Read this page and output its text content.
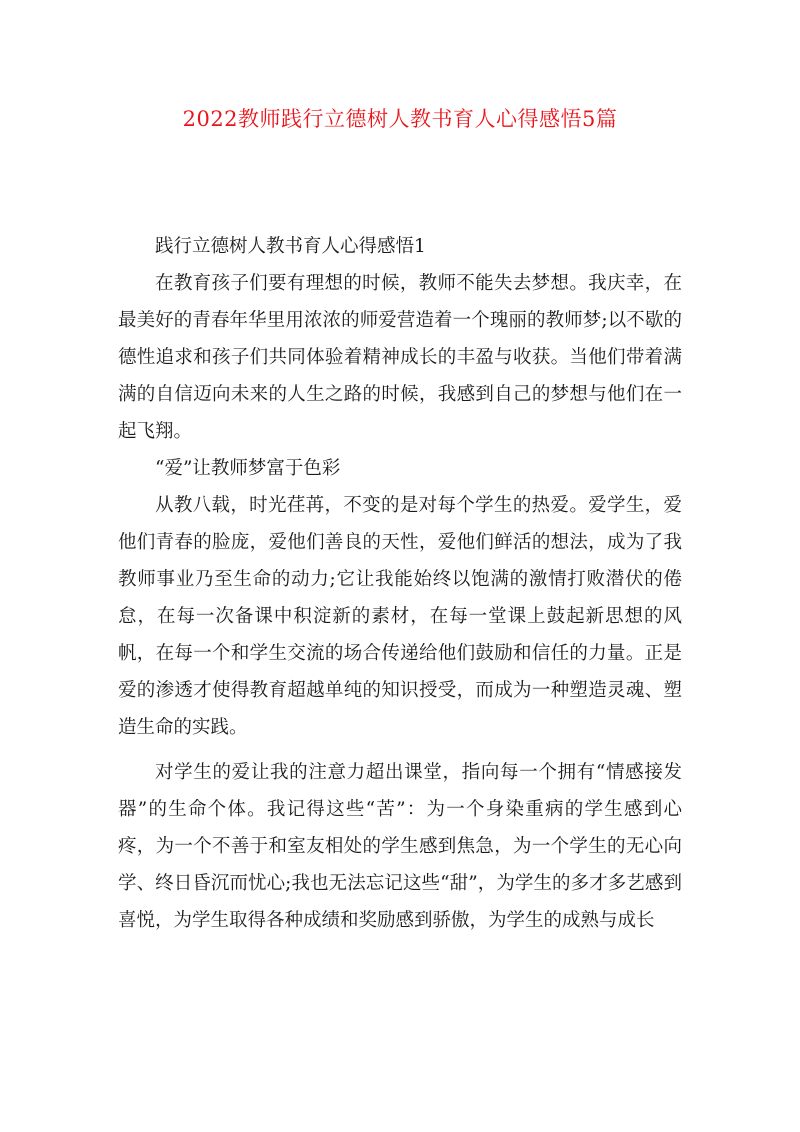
2022教师践行立德树人教书育人心得感悟5篇

践行立德树人教书育人心得感悟1

在教育孩子们要有理想的时候，教师不能失去梦想。我庆幸，在最美好的青春年华里用浓浓的师爱营造着一个瑰丽的教师梦;以不歇的德性追求和孩子们共同体验着精神成长的丰盈与收获。当他们带着满满的自信迈向未来的人生之路的时候，我感到自己的梦想与他们在一起飞翔。

“爱”让教师梦富于色彩

从教八载，时光荏苒，不变的是对每个学生的热爱。爱学生，爱他们青春的脸庞，爱他们善良的天性，爱他们鲜活的想法，成为了我教师事业乃至生命的动力;它让我能始终以饱满的激情打败潜伏的倦怠，在每一次备课中积淀新的素材，在每一堂课上鼓起新思想的风帆，在每一个和学生交流的场合传递给他们鼓励和信任的力量。正是爱的渗透才使得教育超越单纯的知识授受，而成为一种塑造灵魂、塑造生命的实践。

对学生的爱让我的注意力超出课堂，指向每一个拥有“情感接发器”的生命个体。我记得这些“苦”：为一个身染重病的学生感到心疼，为一个不善于和室友相处的学生感到焦急，为一个学生的无心向学、终日昏沉而忧心;我也无法忘记这些“甜”，为学生的多才多艺感到喜悦，为学生取得各种成绩和奖励感到骄傲，为学生的成熟与成长
